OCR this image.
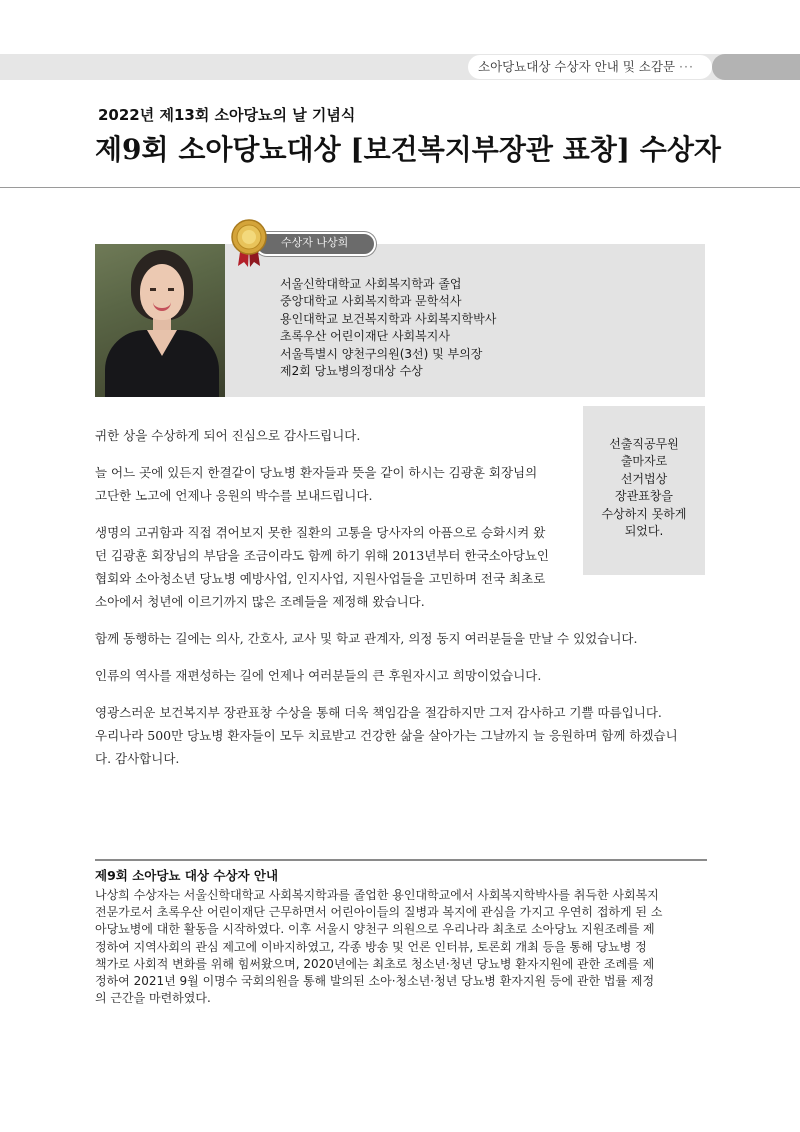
소아당뇨대상 수상자 안내 및 소감문 ···
2022년 제13회 소아당뇨의 날 기념식
제9회 소아당뇨대상 [보건복지부장관 표창] 수상자
수상자 나상희
서울신학대학교 사회복지학과 졸업
중앙대학교 사회복지학과 문학석사
용인대학교 보건복지학과 사회복지학박사
초록우산 어린이재단 사회복지사
서울특별시 양천구의원(3선) 및 부의장
제2회 당뇨병의정대상 수상
선출직공무원
출마자로
선거법상
장관표창을
수상하지 못하게
되었다.

귀한 상을 수상하게 되어 진심으로 감사드립니다.

늘 어느 곳에 있든지 한결같이 당뇨병 환자들과 뜻을 같이 하시는 김광훈 회장님의

고단한 노고에 언제나 응원의 박수를 보내드립니다.

생명의 고귀함과 직접 겪어보지 못한 질환의 고통을 당사자의 아픔으로 승화시켜 왔

던 김광훈 회장님의 부담을 조금이라도 함께 하기 위해 2013년부터 한국소아당뇨인

협회와 소아청소년 당뇨병 예방사업, 인지사업, 지원사업들을 고민하며 전국 최초로

소아에서 청년에 이르기까지 많은 조례들을 제정해 왔습니다.

함께 동행하는 길에는 의사, 간호사, 교사 및 학교 관계자, 의정 동지 여러분들을 만날 수 있었습니다.

인류의 역사를 재편성하는 길에 언제나 여러분들의 큰 후원자시고 희망이었습니다.

영광스러운 보건복지부 장관표창 수상을 통해 더욱 책임감을 절감하지만 그저 감사하고 기쁠 따름입니다.

우리나라 500만 당뇨병 환자들이 모두 치료받고 건강한 삶을 살아가는 그날까지 늘 응원하며 함께 하겠습니

다. 감사합니다.

제9회 소아당뇨 대상 수상자 안내

나상희 수상자는 서울신학대학교 사회복지학과를 졸업한 용인대학교에서 사회복지학박사를 취득한 사회복지

전문가로서 초록우산 어린이재단 근무하면서 어린아이들의 질병과 복지에 관심을 가지고 우연히 접하게 된 소

아당뇨병에 대한 활동을 시작하였다. 이후 서울시 양천구 의원으로 우리나라 최초로 소아당뇨 지원조례를 제

정하여 지역사회의 관심 제고에 이바지하였고, 각종 방송 및 언론 인터뷰, 토론회 개최 등을 통해 당뇨병 정

책가로 사회적 변화를 위해 힘써왔으며, 2020년에는 최초로 청소년·청년 당뇨병 환자지원에 관한 조례를 제

정하여 2021년 9월 이명수 국회의원을 통해 발의된 소아·청소년·청년 당뇨병 환자지원 등에 관한 법률 제정

의 근간을 마련하였다.
